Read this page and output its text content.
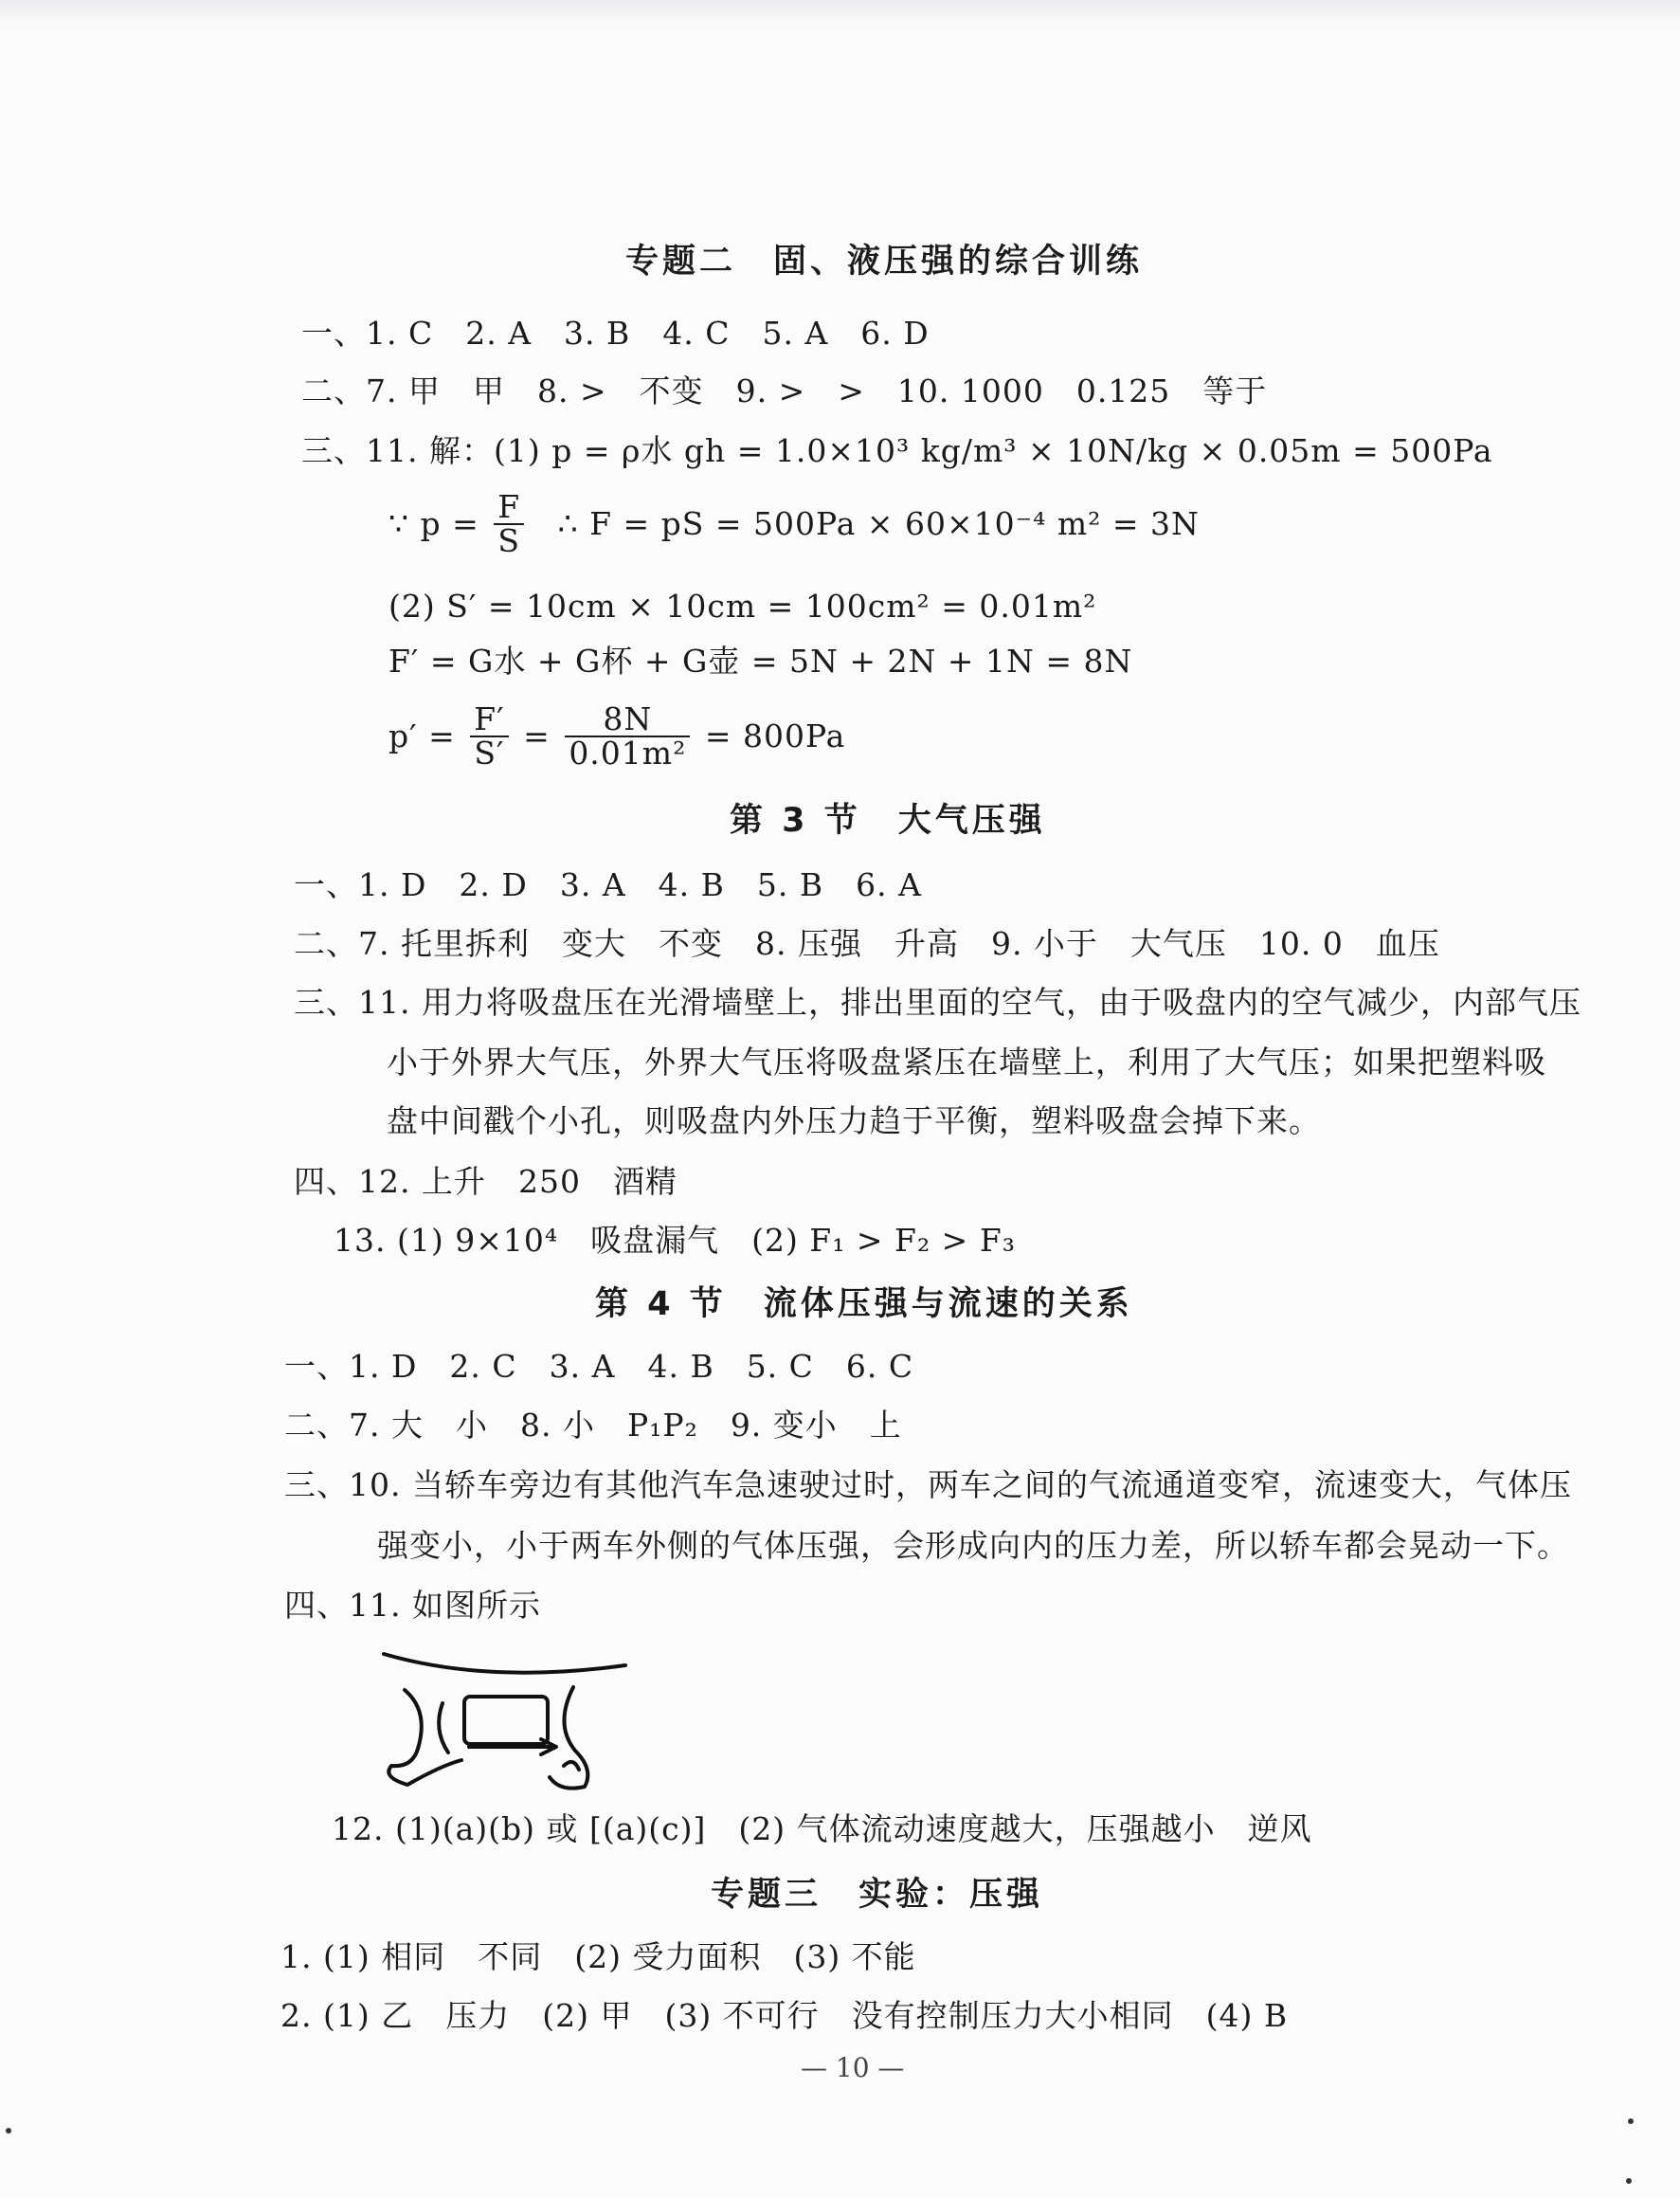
专题二　固、液压强的综合训练
一、1. C　2. A　3. B　4. C　5. A　6. D
二、7. 甲　甲　8. >　不变　9. >　>　10. 1000　0.125　等于
三、11. 解：(1) p = ρ水 gh = 1.0×10³ kg/m³ × 10N/kg × 0.05m = 500Pa
∵ $p = \frac{F}{S}$ ∴ F = pS = 500Pa × 60×10⁻⁴ m² = 3N
(2) S′ = 10cm × 10cm = 100cm² = 0.01m²
F′ = G水 + G杯 + G壶 = 5N + 2N + 1N = 8N
$p' = \frac{F'}{S'} = \frac{8N}{\text{0.01m²}} = 800Pa$
第 3 节　大气压强
一、1. D　2. D　3. A　4. B　5. B　6. A
二、7. 托里拆利　变大　不变　8. 压强　升高　9. 小于　大气压　10. 0　血压
三、11. 用力将吸盘压在光滑墙壁上，排出里面的空气，由于吸盘内的空气减少，内部气压
小于外界大气压，外界大气压将吸盘紧压在墙壁上，利用了大气压；如果把塑料吸
盘中间戳个小孔，则吸盘内外压力趋于平衡，塑料吸盘会掉下来。
四、12. 上升　250　酒精
13. (1) 9×10⁴　吸盘漏气　(2) F₁ > F₂ > F₃
第 4 节　流体压强与流速的关系
一、1. D　2. C　3. A　4. B　5. C　6. C
二、7. 大　小　8. 小　P₁P₂　9. 变小　上
三、10. 当轿车旁边有其他汽车急速驶过时，两车之间的气流通道变窄，流速变大，气体压
强变小，小于两车外侧的气体压强，会形成向内的压力差，所以轿车都会晃动一下。
四、11. 如图所示
12. (1)(a)(b) 或 [(a)(c)]　(2) 气体流动速度越大，压强越小　逆风
专题三　实验：压强
1. (1) 相同　不同　(2) 受力面积　(3) 不能
2. (1) 乙　压力　(2) 甲　(3) 不可行　没有控制压力大小相同　(4) B
— 10 —
